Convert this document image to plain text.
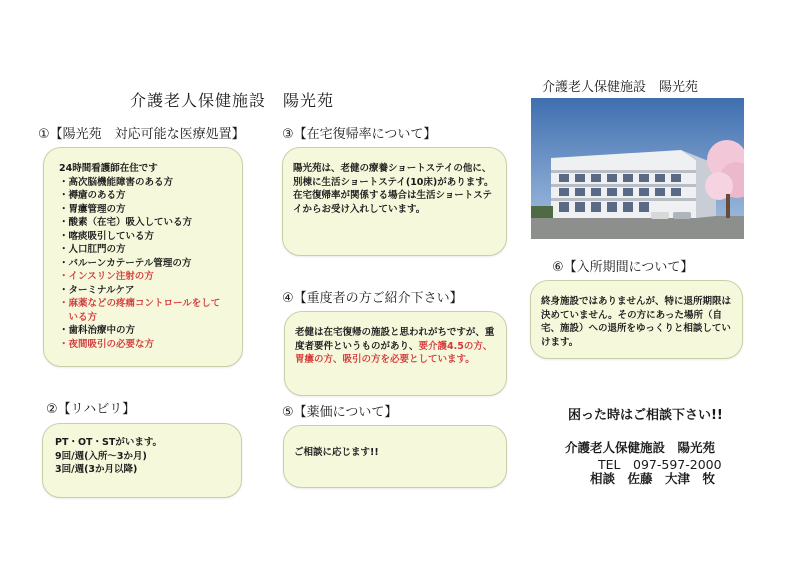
介護老人保健施設　陽光苑
①【陽光苑　対応可能な医療処置】
24時間看護師在住です
・高次脳機能障害のある方
・褥瘡のある方
・胃瘻管理の方
・酸素（在宅）吸入している方
・喀痰吸引している方
・人口肛門の方
・バルーンカテーテル管理の方
・インスリン注射の方
・ターミナルケア
・麻薬などの疼痛コントロールをして
　いる方
・歯科治療中の方
・夜間吸引の必要な方
②【リハビリ】
PT・OT・STがいます。
9回/週(入所～3か月)
3回/週(3か月以降)
③【在宅復帰率について】
陽光苑は、老健の療養ショートステイの他に、別棟に生活ショートステイ(10床)があります。在宅復帰率が関係する場合は生活ショートステイからお受け入れしています。
④【重度者の方ご紹介下さい】
老健は在宅復帰の施設と思われがちですが、重度者要件というものがあり、要介護4.5の方、胃瘻の方、吸引の方を必要としています。
⑤【薬価について】
ご相談に応じます!!
介護老人保健施設　陽光苑
⑥【入所期間について】
終身施設ではありませんが、特に退所期限は決めていません。その方にあった場所（自宅、施設）への退所をゆっくりと相談していけます。
困った時はご相談下さい!!
介護老人保健施設　陽光苑
TEL　097-597-2000
相談　佐藤　大津　牧
